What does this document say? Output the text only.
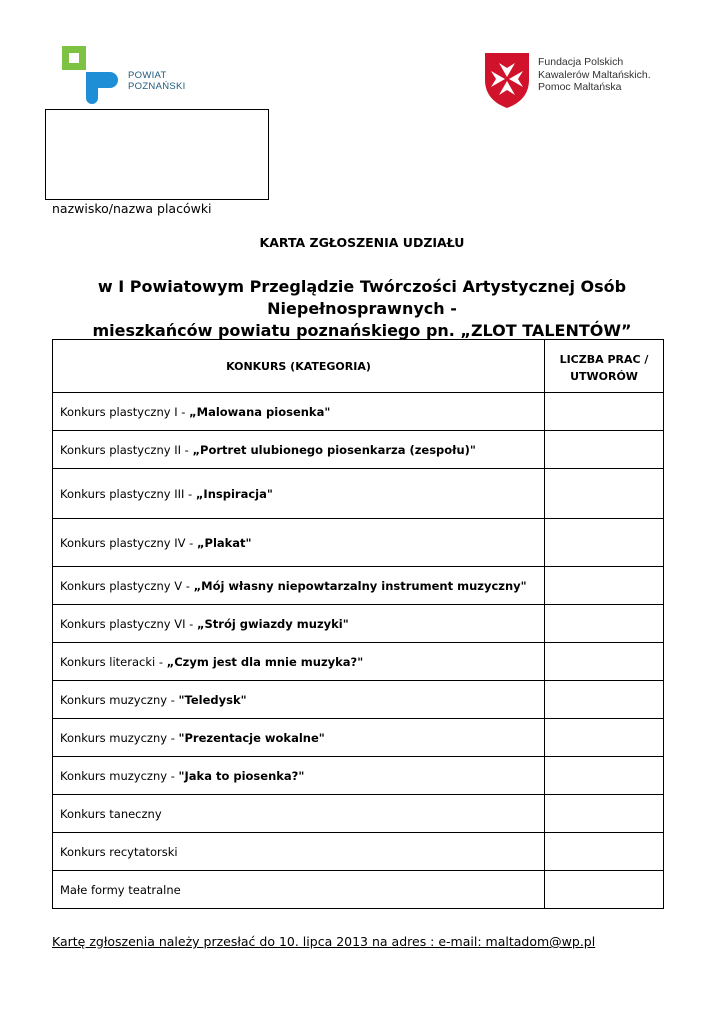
POWIAT
POZNAŃSKI
Fundacja Polskich
Kawalerów Maltańskich.
Pomoc Maltańska
nazwisko/nazwa placówki
KARTA ZGŁOSZENIA UDZIAŁU
w I Powiatowym Przeglądzie Twórczości Artystycznej Osób Niepełnosprawnych -
mieszkańców powiatu poznańskiego pn. „ZLOT TALENTÓW”
KONKURS (KATEGORIA)	LICZBA PRAC /
UTWORÓW

Konkurs plastyczny I - „Malowana piosenka"	
Konkurs plastyczny II - „Portret ulubionego piosenkarza (zespołu)"	
Konkurs plastyczny III - „Inspiracja"	
Konkurs plastyczny IV - „Plakat"	
Konkurs plastyczny V - „Mój własny niepowtarzalny instrument muzyczny"	
Konkurs plastyczny VI - „Strój gwiazdy muzyki"	
Konkurs literacki - „Czym jest dla mnie muzyka?"	
Konkurs muzyczny - "Teledysk"	
Konkurs muzyczny - "Prezentacje wokalne"	
Konkurs muzyczny - "Jaka to piosenka?"	
Konkurs taneczny	
Konkurs recytatorski	
Małe formy teatralne	
Kartę zgłoszenia należy przesłać do 10. lipca 2013 na adres : e-mail: maltadom@wp.pl
